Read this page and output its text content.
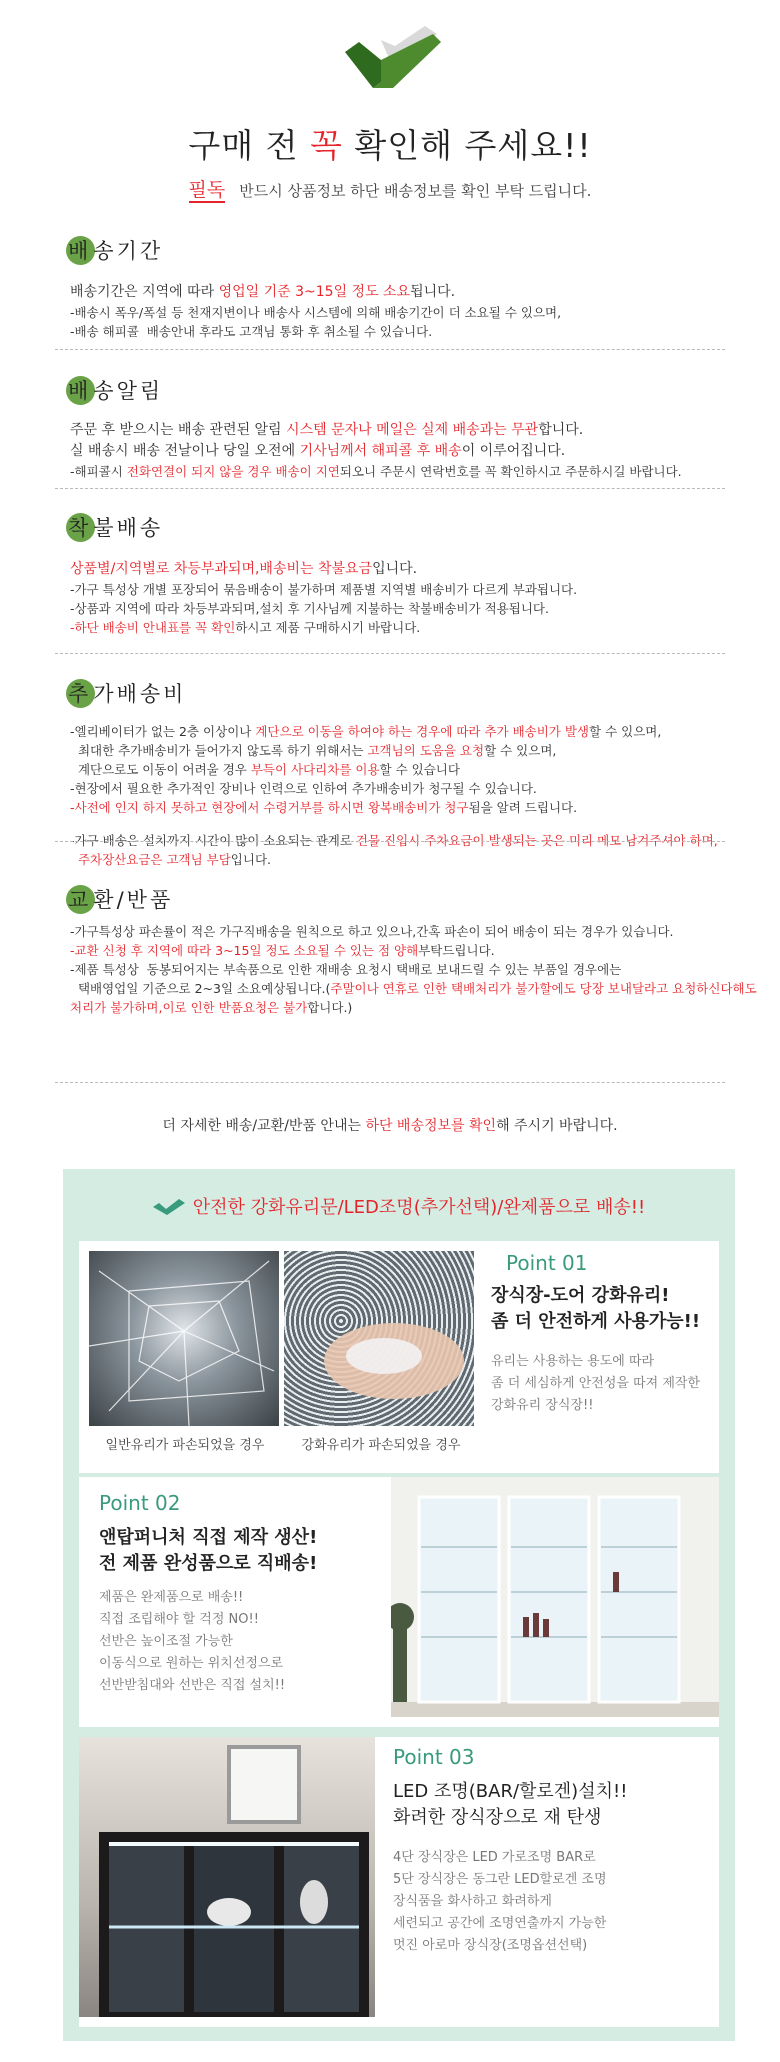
구매 전 꼭 확인해 주세요!!
필독 반드시 상품정보 하단 배송정보를 확인 부탁 드립니다.
배 송기간
배송기간은 지역에 따라 영업일 기준 3~15일 정도 소요됩니다.
-배송시 폭우/폭설 등 천재지변이나 배송사 시스템에 의해 배송기간이 더 소요될 수 있으며,
-배송 해피콜  배송안내 후라도 고객님 통화 후 취소될 수 있습니다.
배 송알림
주문 후 받으시는 배송 관련된 알림 시스템 문자나 메일은 실제 배송과는 무관합니다.
실 배송시 배송 전날이나 당일 오전에 기사님께서 해피콜 후 배송이 이루어집니다.
-해피콜시 전화연결이 되지 않을 경우 배송이 지연되오니 주문시 연락번호를 꼭 확인하시고 주문하시길 바랍니다.
착 불배송
상품별/지역별로 차등부과되며,배송비는 착불요금입니다.
-가구 특성상 개별 포장되어 묶음배송이 불가하며 제품별 지역별 배송비가 다르게 부과됩니다.
-상품과 지역에 따라 차등부과되며,설치 후 기사님께 지불하는 착불배송비가 적용됩니다.
-하단 배송비 안내표를 꼭 확인하시고 제품 구매하시기 바랍니다.
추 가배송비
-엘리베이터가 없는 2층 이상이나 계단으로 이동을 하여야 하는 경우에 따라 추가 배송비가 발생할 수 있으며,
최대한 추가배송비가 들어가지 않도록 하기 위해서는 고객님의 도움을 요청할 수 있으며,
계단으로도 이동이 어려울 경우 부득이 사다리차를 이용할 수 있습니다
-현장에서 필요한 추가적인 장비나 인력으로 인하여 추가배송비가 청구될 수 있습니다.
-사전에 인지 하지 못하고 현장에서 수령거부를 하시면 왕복배송비가 청구됨을 알려 드립니다.
-가구 배송은 설치까지 시간이 많이 소요되는 관계로 건물 진입시 주차요금이 발생되는 곳은 미리 메모 남겨주셔야 하며,
주차장산요금은 고객님 부담입니다.
교 환/반품
-가구특성상 파손률이 적은 가구직배송을 원칙으로 하고 있으나,간혹 파손이 되어 배송이 되는 경우가 있습니다.
-교환 신청 후 지역에 따라 3~15일 정도 소요될 수 있는 점 양해부탁드립니다.
-제품 특성상  동봉되어지는 부속품으로 인한 재배송 요청시 택배로 보내드릴 수 있는 부품일 경우에는
택배영업일 기준으로 2~3일 소요예상됩니다.(주말이나 연휴로 인한 택배처리가 불가할에도 당장 보내달라고 요청하신다해도
처리가 불가하며,이로 인한 반품요청은 불가합니다.)
더 자세한 배송/교환/반품 안내는 하단 배송정보를 확인해 주시기 바랍니다.
안전한 강화유리문/LED조명(추가선택)/완제품으로 배송!!
일반유리가 파손되었을 경우	강화유리가 파손되었을 경우
Point 01
장식장-도어 강화유리!
좀 더 안전하게 사용가능!!
유리는 사용하는 용도에 따라
좀 더 세심하게 안전성을 따져 제작한
강화유리 장식장!!
Point 02
앤탑퍼니처 직접 제작 생산!
전 제품 완성품으로 직배송!
제품은 완제품으로 배송!!
직접 조립해야 할 걱정 NO!!
선반은 높이조절 가능한
이동식으로 원하는 위치선정으로
선반받침대와 선반은 직접 설치!!
Point 03
LED 조명(BAR/할로겐)설치!!
화려한 장식장으로 재 탄생
4단 장식장은 LED 가로조명 BAR로
5단 장식장은 동그란 LED할로겐 조명
장식품을 화사하고 화려하게
세련되고 공간에 조명연출까지 가능한
멋진 아로마 장식장(조명옵션선택)
